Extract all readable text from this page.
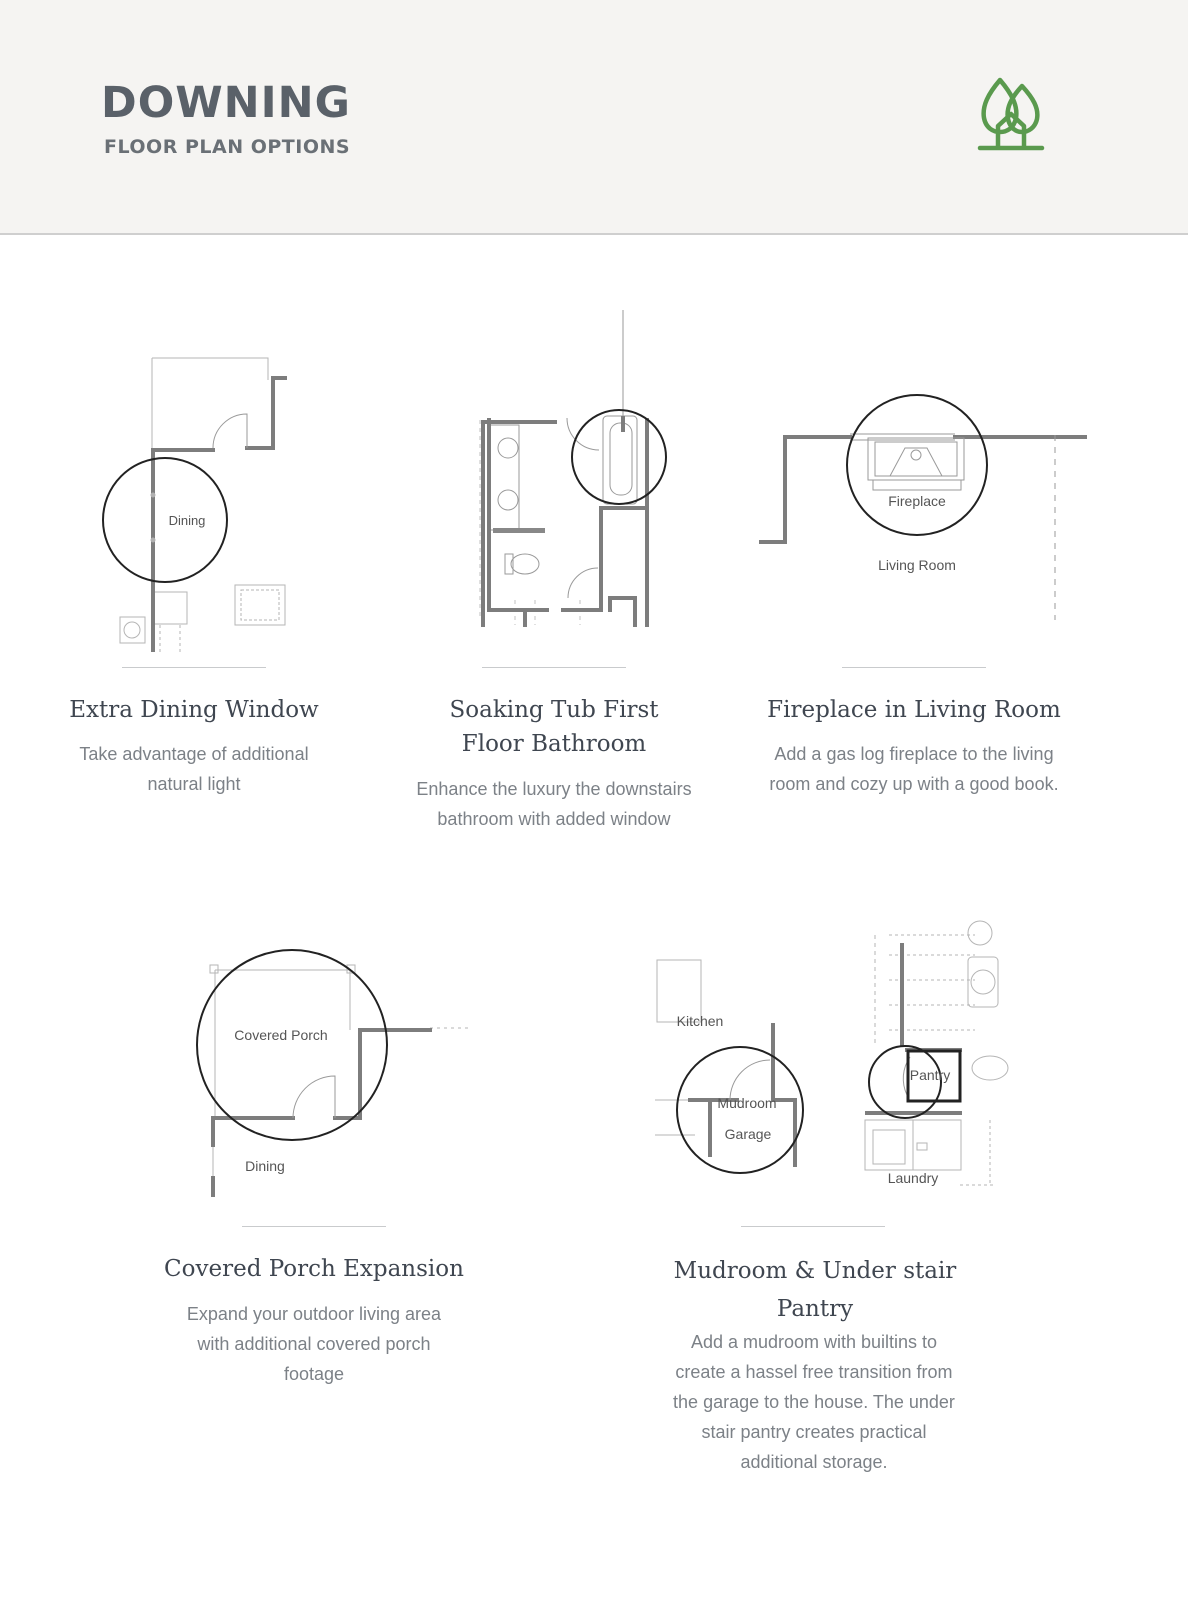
DOWNING
FLOOR PLAN OPTIONS
Dining
Fireplace
Living Room
Covered Porch
Dining
Kitchen
Mudroom
Garage
Pantry
Laundry
Extra Dining Window
Take advantage of additional natural light
Soaking Tub First Floor Bathroom
Enhance the luxury the downstairs bathroom with added window
Fireplace in Living Room
Add a gas log fireplace to the living room and cozy up with a good book.
Covered Porch Expansion
Expand your outdoor living area with additional covered porch footage
Mudroom & Under stair Pantry
Add a mudroom with builtins to create a hassel free transition from the garage to the house. The under stair pantry creates practical additional storage.
